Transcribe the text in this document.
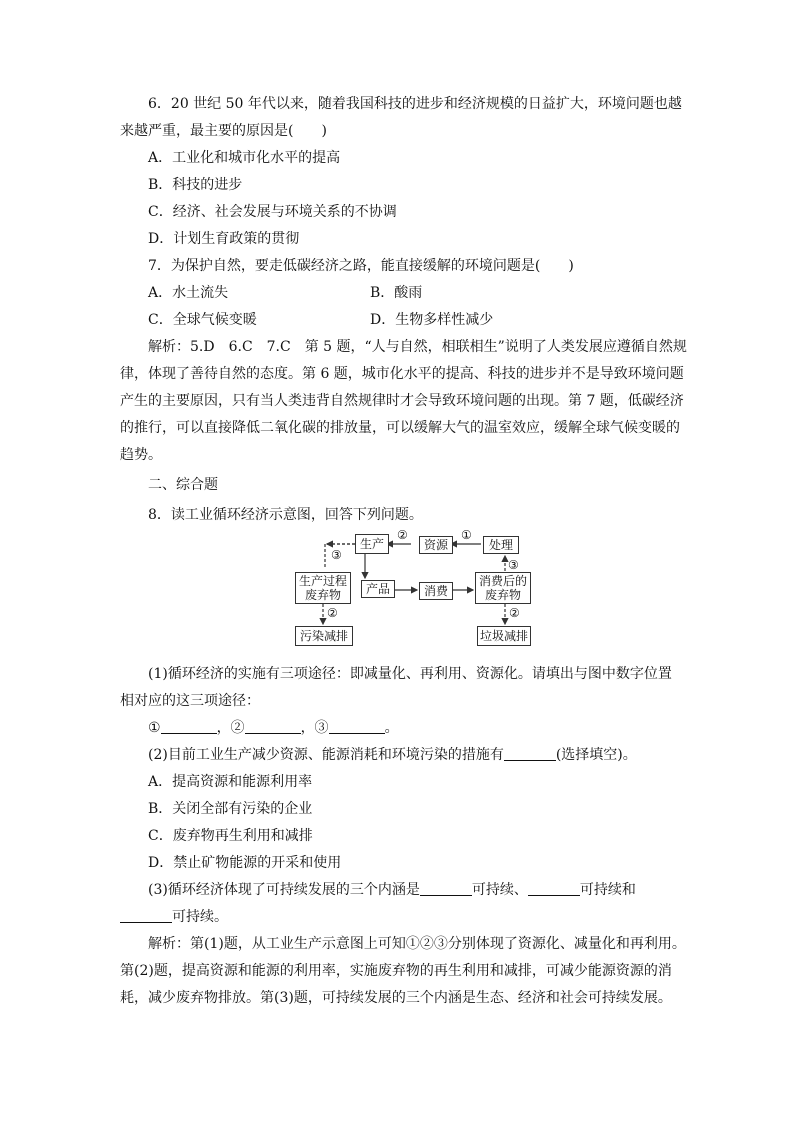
6．20 世纪 50 年代以来，随着我国科技的进步和经济规模的日益扩大，环境问题也越
来越严重，最主要的原因是(　　)
A．工业化和城市化水平的提高
B．科技的进步
C．经济、社会发展与环境关系的不协调
D．计划生育政策的贯彻
7．为保护自然，要走低碳经济之路，能直接缓解的环境问题是(　　)
A．水土流失	B．酸雨
C．全球气候变暖	D．生物多样性减少
解析：5.D　6.C　7.C　第 5 题，“人与自然，相联相生”说明了人类发展应遵循自然规
律，体现了善待自然的态度。第 6 题，城市化水平的提高、科技的进步并不是导致环境问题
产生的主要原因，只有当人类违背自然规律时才会导致环境问题的出现。第 7 题，低碳经济
的推行，可以直接降低二氧化碳的排放量，可以缓解大气的温室效应，缓解全球气候变暖的
趋势。
二、综合题
8．读工业循环经济示意图，回答下列问题。
生产	资源	处理
生产过程
废弃物	产品	消费
消费后的
废弃物
污染减排	垃圾减排
②	①
③
③
②	②
(1)循环经济的实施有三项途径：即减量化、再利用、资源化。请填出与图中数字位置
相对应的这三项途径：
①	，②	，③	。
(2)目前工业生产减少资源、能源消耗和环境污染的措施有	(选择填空)。
A．提高资源和能源利用率
B．关闭全部有污染的企业
C．废弃物再生利用和减排
D．禁止矿物能源的开采和使用
(3)循环经济体现了可持续发展的三个内涵是	可持续、	可持续和
可持续。
解析：第(1)题，从工业生产示意图上可知①②③分别体现了资源化、减量化和再利用。
第(2)题，提高资源和能源的利用率，实施废弃物的再生利用和减排，可减少能源资源的消
耗，减少废弃物排放。第(3)题，可持续发展的三个内涵是生态、经济和社会可持续发展。
